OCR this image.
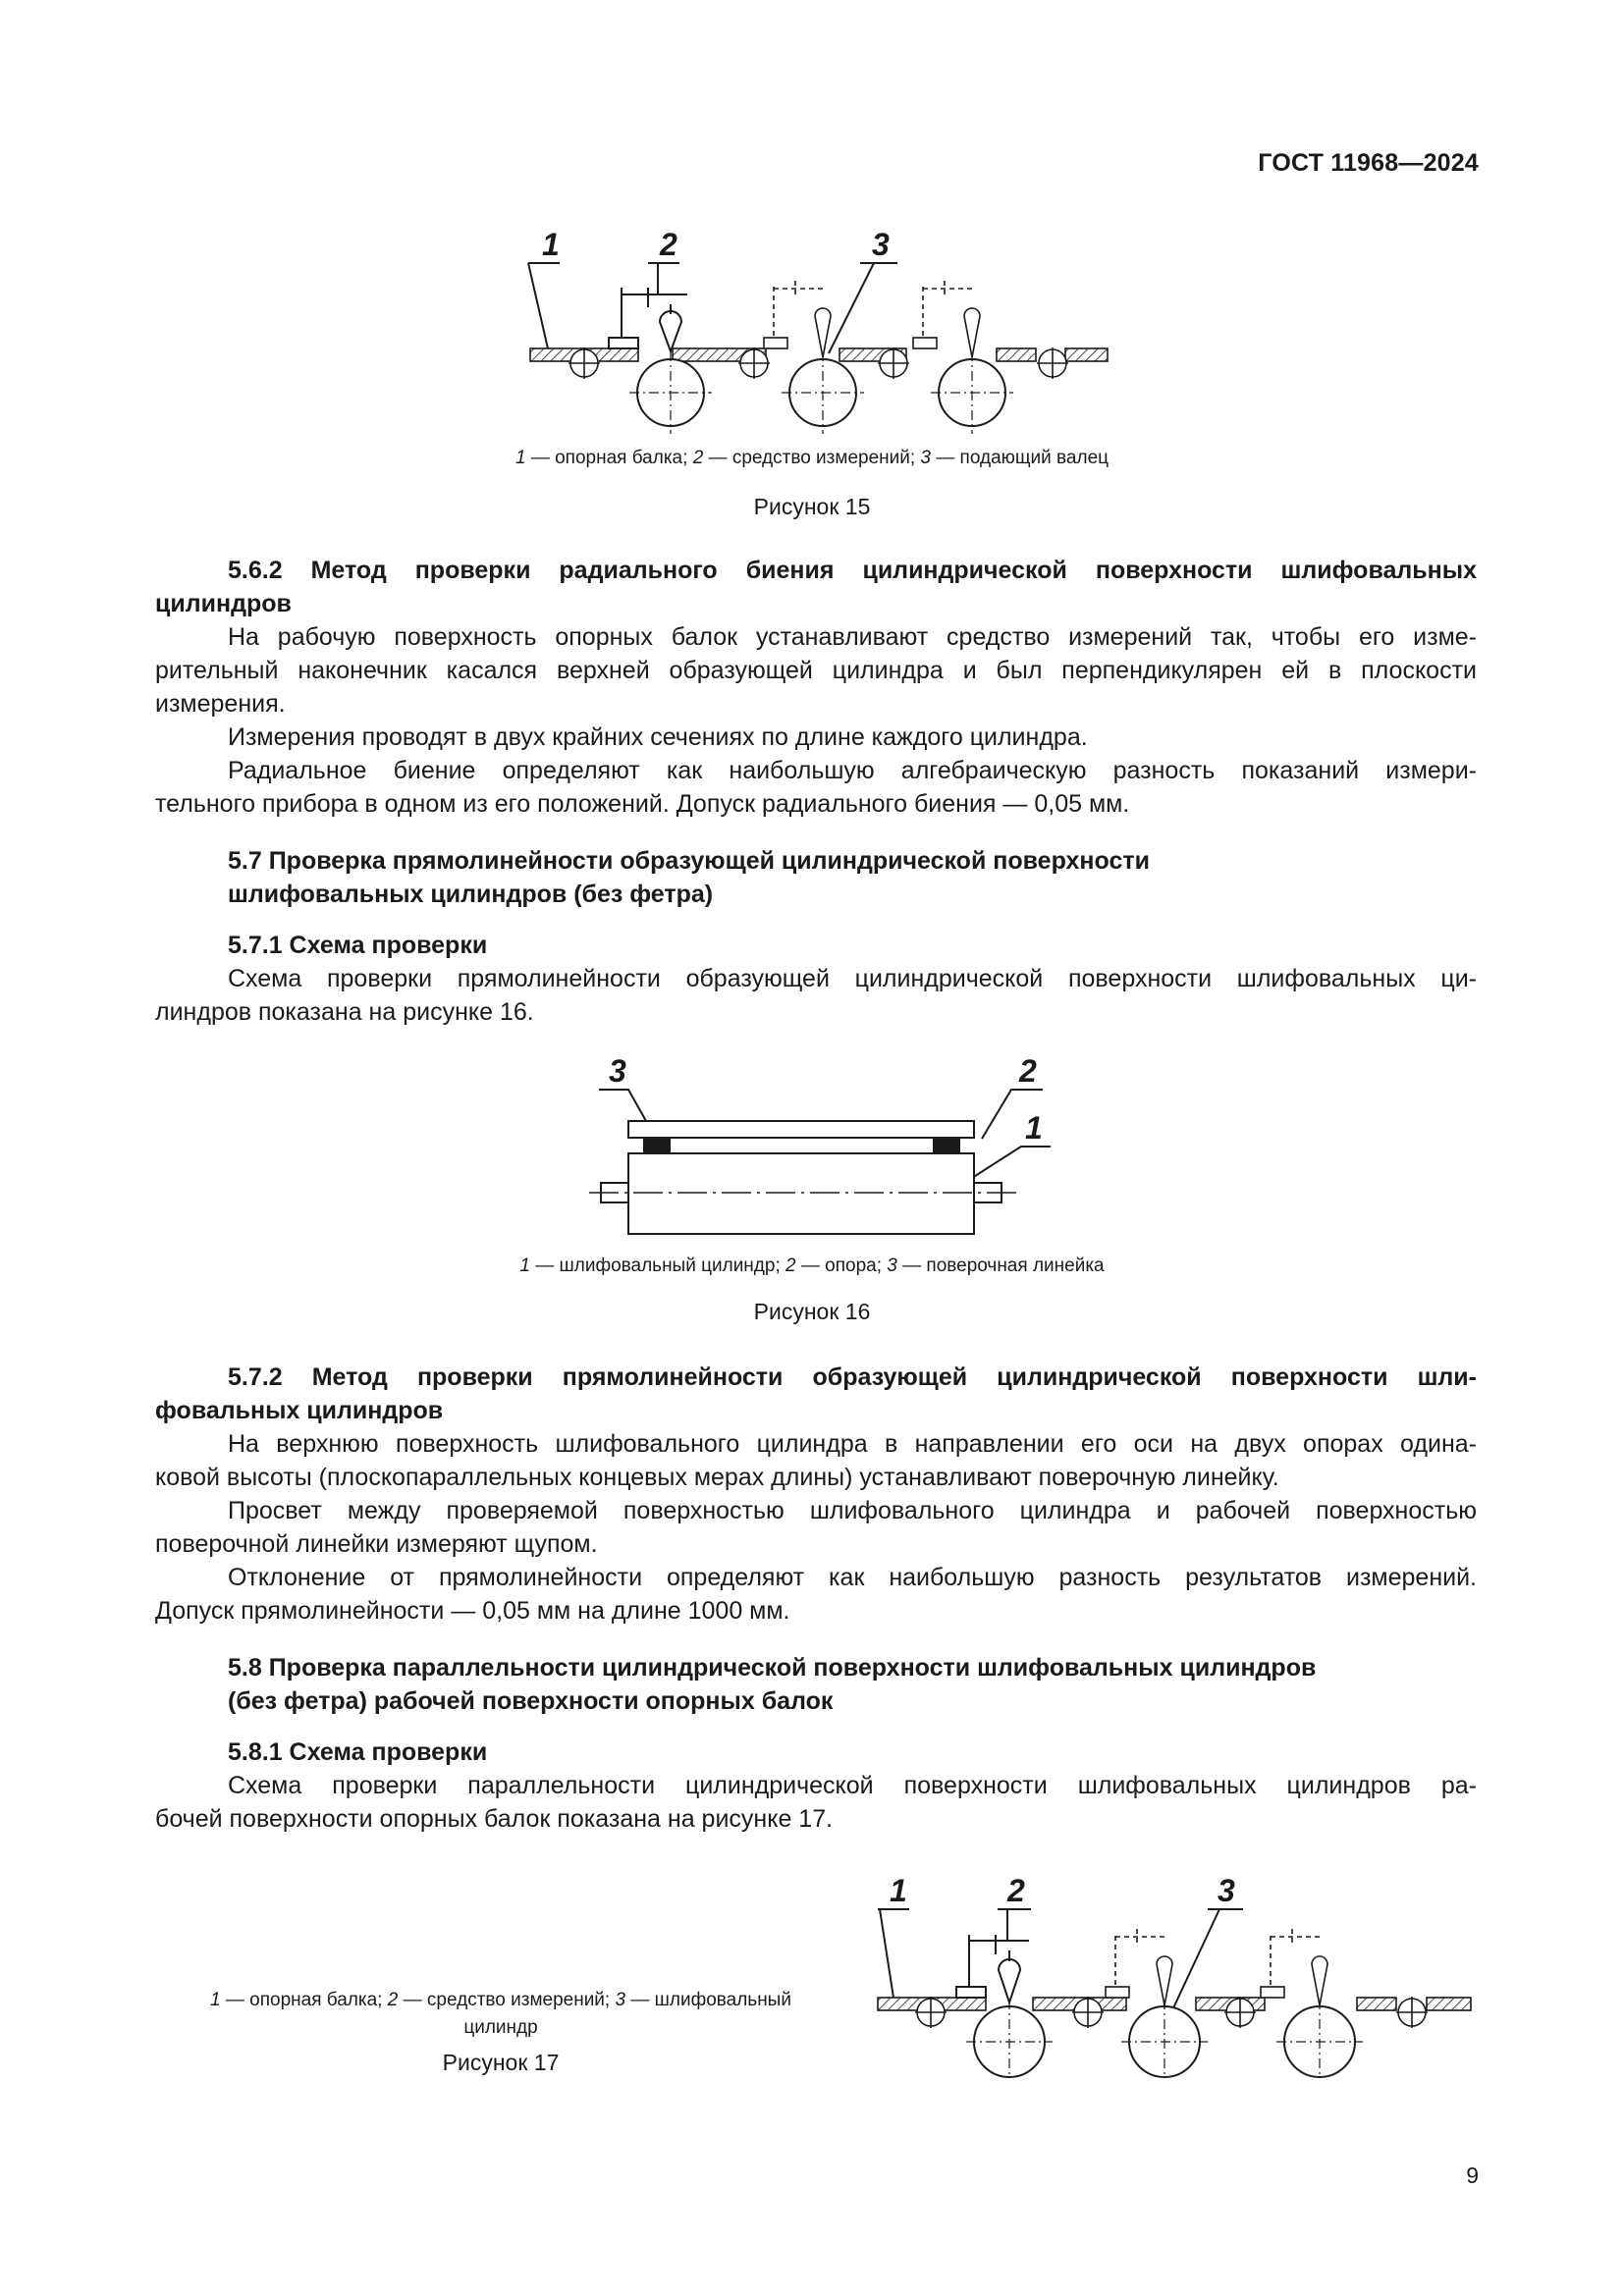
ГОСТ 11968—2024
1	2	3
1 — опорная балка; 2 — средство измерений; 3 — подающий валец
Рисунок 15
5.6.2 Метод проверки радиального биения цилиндрической поверхности шлифовальных
цилиндров
На рабочую поверхность опорных балок устанавливают средство измерений так, чтобы его изме-
рительный наконечник касался верхней образующей цилиндра и был перпендикулярен ей в плоскости
измерения.
Измерения проводят в двух крайних сечениях по длине каждого цилиндра.
Радиальное биение определяют как наибольшую алгебраическую разность показаний измери-
тельного прибора в одном из его положений. Допуск радиального биения — 0,05 мм.
5.7 Проверка прямолинейности образующей цилиндрической поверхности
шлифовальных цилиндров (без фетра)
5.7.1 Схема проверки
Схема проверки прямолинейности образующей цилиндрической поверхности шлифовальных ци-
линдров показана на рисунке 16.
3	2
1
1 — шлифовальный цилиндр; 2 — опора; 3 — поверочная линейка
Рисунок 16
5.7.2 Метод проверки прямолинейности образующей цилиндрической поверхности шли-
фовальных цилиндров
На верхнюю поверхность шлифовального цилиндра в направлении его оси на двух опорах одина-
ковой высоты (плоскопараллельных концевых мерах длины) устанавливают поверочную линейку.
Просвет между проверяемой поверхностью шлифовального цилиндра и рабочей поверхностью
поверочной линейки измеряют щупом.
Отклонение от прямолинейности определяют как наибольшую разность результатов измерений.
Допуск прямолинейности — 0,05 мм на длине 1000 мм.
5.8 Проверка параллельности цилиндрической поверхности шлифовальных цилиндров
(без фетра) рабочей поверхности опорных балок
5.8.1 Схема проверки
Схема проверки параллельности цилиндрической поверхности шлифовальных цилиндров ра-
бочей поверхности опорных балок показана на рисунке 17.
1 — опорная балка; 2 — средство измерений; 3 — шлифовальный
цилиндр
Рисунок 17
1	2	3
9
